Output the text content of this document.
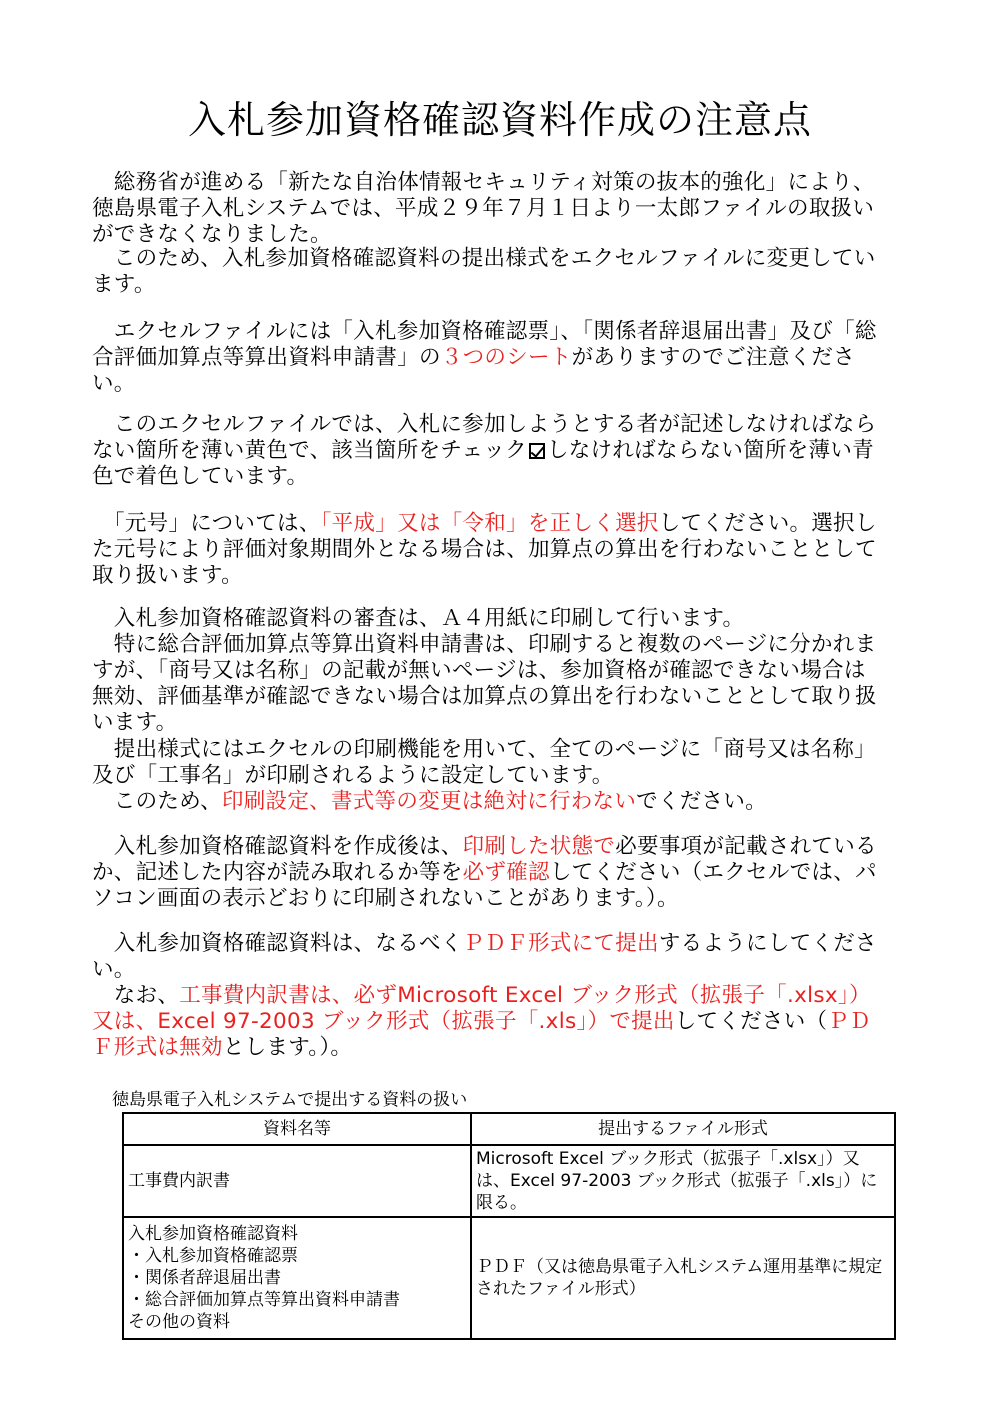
入札参加資格確認資料作成の注意点

　総務省が進める「新たな自治体情報セキュリティ対策の抜本的強化」により、徳島県電子入札システムでは、平成２９年７月１日より一太郎ファイルの取扱いができなくなりました。

　このため、入札参加資格確認資料の提出様式をエクセルファイルに変更しています。

　エクセルファイルには「入札参加資格確認票」、「関係者辞退届出書」及び「総合評価加算点等算出資料申請書」の３つのシートがありますのでご注意ください。

　このエクセルファイルでは、入札に参加しようとする者が記述しなければならない箇所を薄い黄色で、該当箇所をチェック しなければならない箇所を薄い青色で着色しています。

　「元号」については、「平成」又は「令和」を正しく選択してください。選択した元号により評価対象期間外となる場合は、加算点の算出を行わないこととして取り扱います。

　入札参加資格確認資料の審査は、Ａ４用紙に印刷して行います。

　特に総合評価加算点等算出資料申請書は、印刷すると複数のページに分かれますが、「商号又は名称」の記載が無いページは、参加資格が確認できない場合は無効、評価基準が確認できない場合は加算点の算出を行わないこととして取り扱います。

　提出様式にはエクセルの印刷機能を用いて、全てのページに「商号又は名称」及び「工事名」が印刷されるように設定しています。

　このため、印刷設定、書式等の変更は絶対に行わないでください。

　入札参加資格確認資料を作成後は、印刷した状態で必要事項が記載されているか、記述した内容が読み取れるか等を必ず確認してください（エクセルでは、パソコン画面の表示どおりに印刷されないことがあります。）。

　入札参加資格確認資料は、なるべくＰＤＦ形式にて提出するようにしてください。

　なお、工事費内訳書は、必ずMicrosoft Excel ブック形式（拡張子「.xlsx」）又は、Excel 97-2003 ブック形式（拡張子「.xls」）で提出してください（ＰＤＦ形式は無効とします。）。

徳島県電子入札システムで提出する資料の扱い

資料名等	提出するファイル形式
工事費内訳書	Microsoft Excel ブック形式（拡張子「.xlsx」）又は、Excel 97-2003 ブック形式（拡張子「.xls」）に限る。

入札参加資格確認資料
・入札参加資格確認票
・関係者辞退届出書
・総合評価加算点等算出資料申請書
その他の資料	ＰＤＦ（又は徳島県電子入札システム運用基準に規定されたファイル形式）
